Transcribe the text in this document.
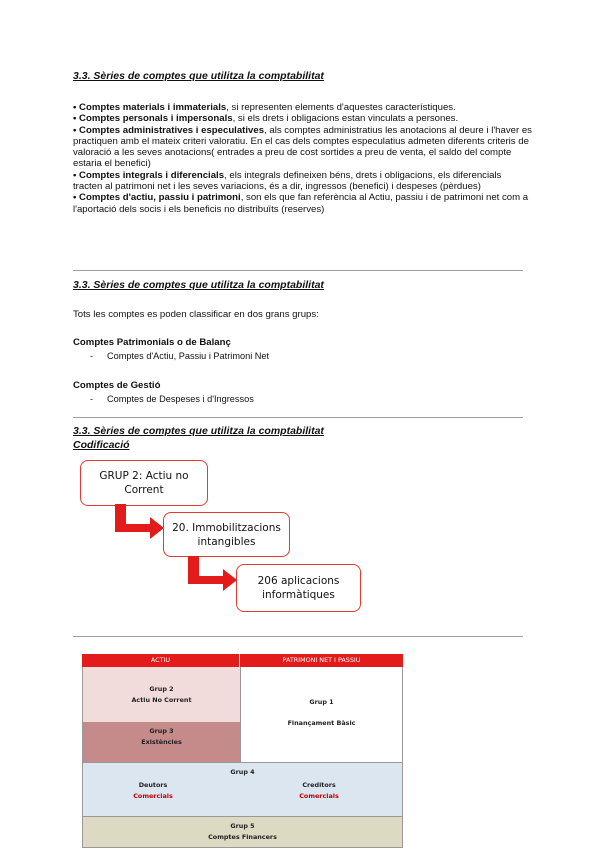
3.3. Sèries de comptes que utilitza la comptabilitat

• Comptes materials i immaterials, si representen elements d'aquestes característiques.

• Comptes personals i impersonals, si els drets i obligacions estan vinculats a persones.

• Comptes administratives i especulatives, als comptes administratius les anotacions al deure i l'haver es practiquen amb el mateix criteri valoratiu. En el cas dels comptes especulatius admeten diferents criteris de valoració a les seves anotacions( entrades a preu de cost sortides a preu de venta, el saldo del compte estaria el benefici)

• Comptes integrals i diferencials, els integrals defineixen béns, drets i obligacions, els diferencials tracten al patrimoni net i les seves variacions, és a dir, ingressos (benefici) i despeses (pèrdues)

• Comptes d'actiu, passiu i patrimoni, son els que fan referència al Actiu, passiu i de patrimoni net com a l'aportació dels socis i els beneficis no distribuïts (reserves)

3.3. Sèries de comptes que utilitza la comptabilitat
Tots les comptes es poden classificar en dos grans grups:
Comptes Patrimonials o de Balanç
- Comptes d'Actiu, Passiu i Patrimoni Net
Comptes de Gestió
- Comptes de Despeses i d'Ingressos
3.3. Sèries de comptes que utilitza la comptabilitat
Codificació
GRUP 2: Actiu no
Corrent
20. Immobilitzacions
intangibles
206 aplicacions
informàtiques
ACTIU	PATRIMONI NET I PASSIU
Grup 2
Actiu No Corrent
Grup 3
Existències
Grup 1
Finançament Bàsic
Grup 4
Deutors
Comercials
Creditors
Comercials
Grup 5
Comptes Financers
